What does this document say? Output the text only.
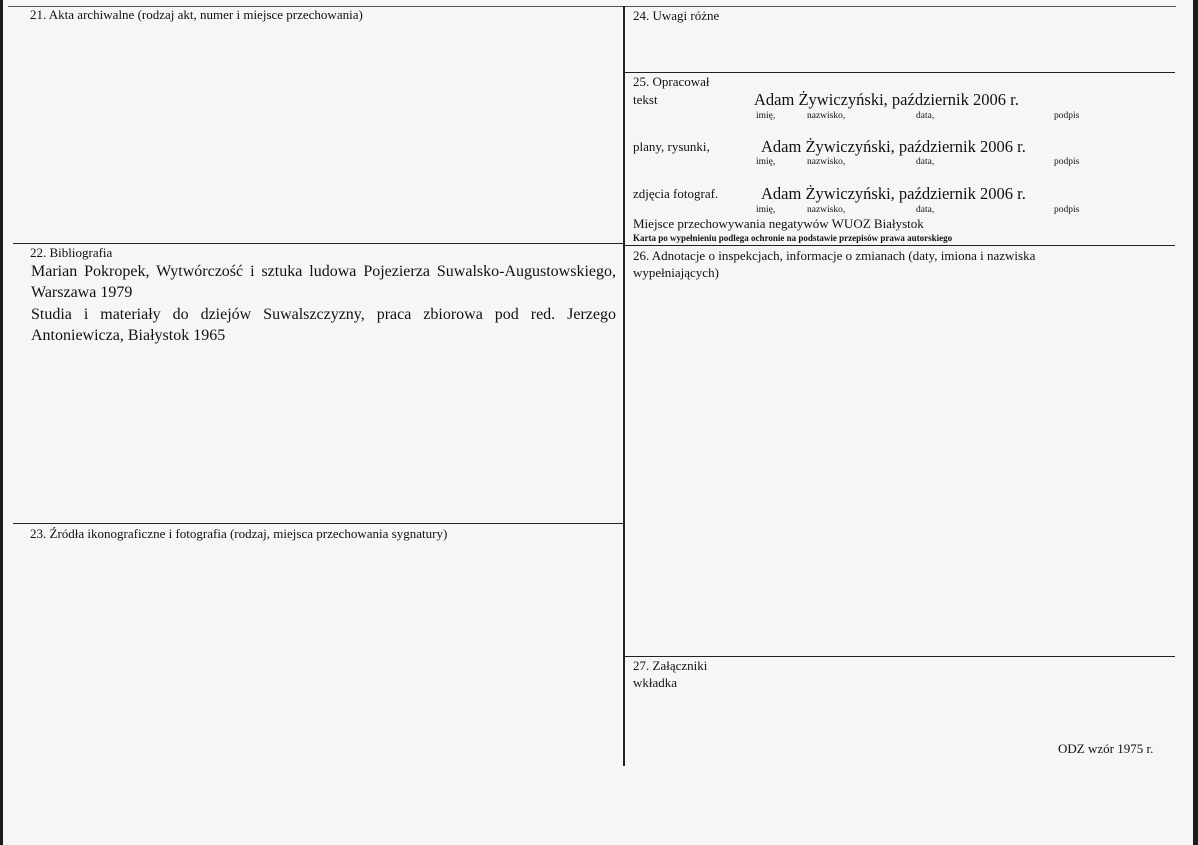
21. Akta archiwalne (rodzaj akt, numer i miejsce przechowania)
22. Bibliografia

Marian Pokropek, Wytwórczość i sztuka ludowa Pojezierza Suwalsko-Augustowskiego, Warszawa 1979

Studia i materiały do dziejów Suwalszczyzny, praca zbiorowa pod red. Jerzego Antoniewicza, Białystok 1965

23. Źródła ikonograficzne i fotografia (rodzaj, miejsca przechowania sygnatury)
24. Uwagi różne
25. Opracował
tekst	Adam Żywiczyński, październik 2006 r.
imię,	nazwisko,	data,	podpis
plany, rysunki,	Adam Żywiczyński, październik 2006 r.
imię,	nazwisko,	data,	podpis
zdjęcia fotograf.	Adam Żywiczyński, październik 2006 r.
imię,	nazwisko,	data,	podpis
Miejsce przechowywania negatywów WUOZ Białystok
Karta po wypełnieniu podlega ochronie na podstawie przepisów prawa autorskiego
26. Adnotacje o inspekcjach, informacje o zmianach (daty, imiona i nazwiska
wypełniających)
27. Załączniki
wkładka
ODZ wzór 1975 r.
